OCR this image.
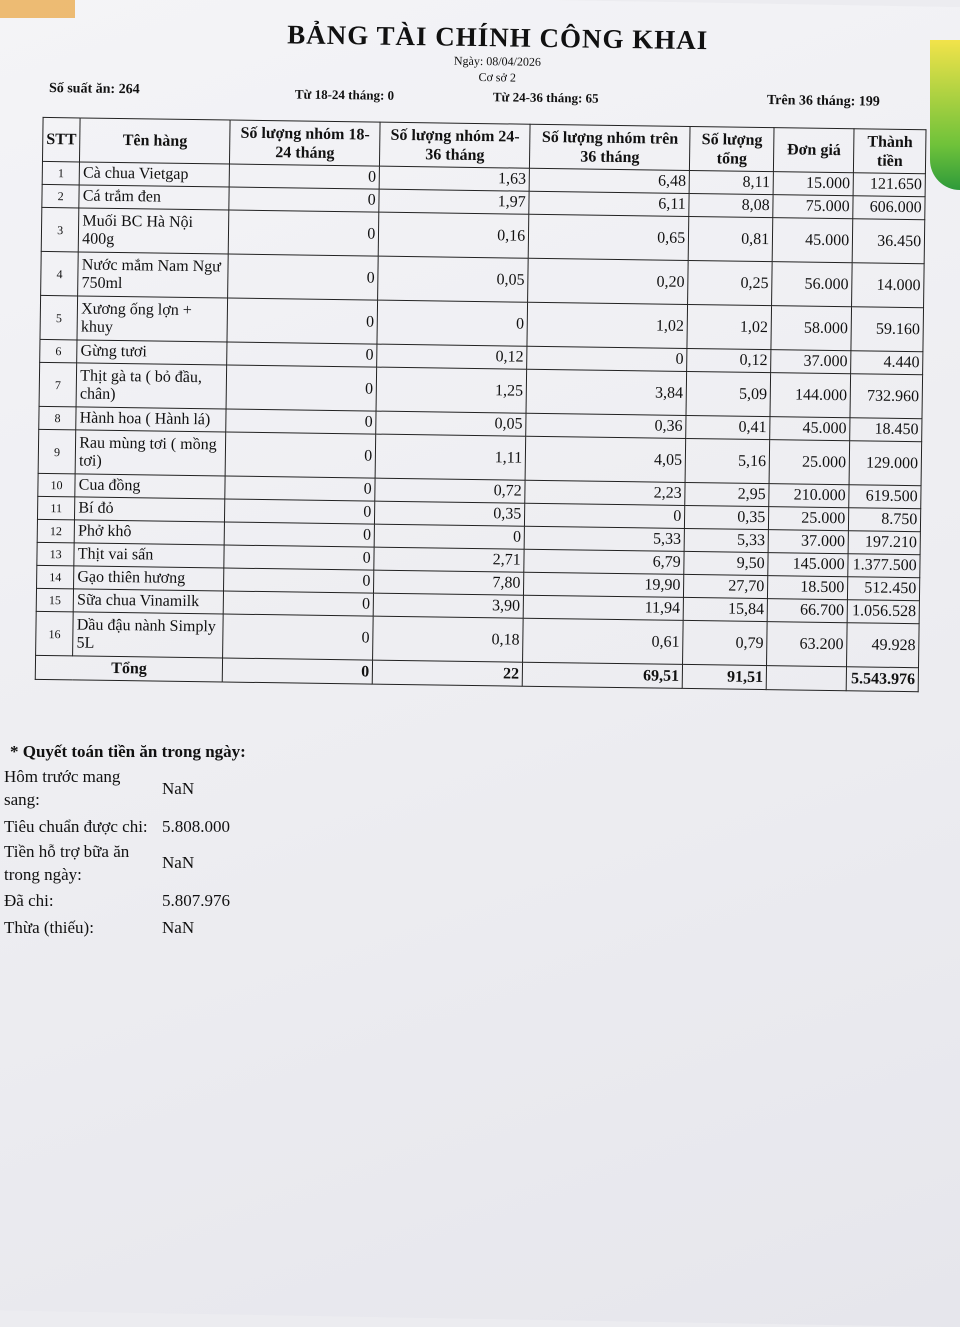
BẢNG TÀI CHÍNH CÔNG KHAI
Ngày: 08/04/2026
Cơ sở 2
Số suất ăn: 264	Từ 18-24 tháng: 0	Từ 24-36 tháng: 65	Trên 36 tháng: 199
STT	Tên hàng	Số lượng nhóm 18-24 tháng	Số lượng nhóm 24-36 tháng	Số lượng nhóm trên 36 tháng	Số lượng tổng	Đơn giá	Thành tiền
1	Cà chua Vietgap	0	1,63	6,48	8,11	15.000	121.650
2	Cá trắm đen	0	1,97	6,11	8,08	75.000	606.000
3	Muối BC Hà Nội 400g	0	0,16	0,65	0,81	45.000	36.450
4	Nước mắm Nam Ngư 750ml	0	0,05	0,20	0,25	56.000	14.000
5	Xương ống lợn + khuy	0	0	1,02	1,02	58.000	59.160
6	Gừng tươi	0	0,12	0	0,12	37.000	4.440
7	Thịt gà ta ( bỏ đầu, chân)	0	1,25	3,84	5,09	144.000	732.960
8	Hành hoa ( Hành lá)	0	0,05	0,36	0,41	45.000	18.450
9	Rau mùng tơi ( mồng tơi)	0	1,11	4,05	5,16	25.000	129.000
10	Cua đồng	0	0,72	2,23	2,95	210.000	619.500
11	Bí đỏ	0	0,35	0	0,35	25.000	8.750
12	Phở khô	0	0	5,33	5,33	37.000	197.210
13	Thịt vai sấn	0	2,71	6,79	9,50	145.000	1.377.500
14	Gạo thiên hương	0	7,80	19,90	27,70	18.500	512.450
15	Sữa chua Vinamilk	0	3,90	11,94	15,84	66.700	1.056.528
16	Dầu đậu nành Simply 5L	0	0,18	0,61	0,79	63.200	49.928
Tổng		0	22	69,51	91,51		5.543.976
* Quyết toán tiền ăn trong ngày:
Hôm trước mang sang:NaN
Tiêu chuẩn được chi: 5.808.000
Tiền hỗ trợ bữa ăn trong ngày:NaN
Đã chi:	5.807.976
Thừa (thiếu):	NaN
